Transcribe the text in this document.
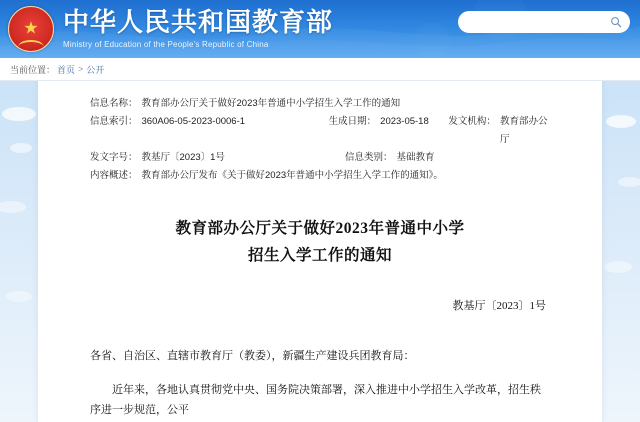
★ 中华人民共和国教育部
Ministry of Education of the People's Republic of China
当前位置： 首页 > 公开
信息名称： 教育部办公厅关于做好2023年普通中小学招生入学工作的通知
信息索引： 360A06-05-2023-0006-1	生成日期： 2023-05-18 发文机构： 教育部办公厅
发文字号： 教基厅〔2023〕1号	信息类别： 基础教育
内容概述： 教育部办公厅发布《关于做好2023年普通中小学招生入学工作的通知》。
教育部办公厅关于做好2023年普通中小学
招生入学工作的通知
教基厅〔2023〕1号
各省、自治区、直辖市教育厅（教委），新疆生产建设兵团教育局：
近年来，各地认真贯彻党中央、国务院决策部署，深入推进中小学招生入学改革，招生秩序进一步规范，公平
